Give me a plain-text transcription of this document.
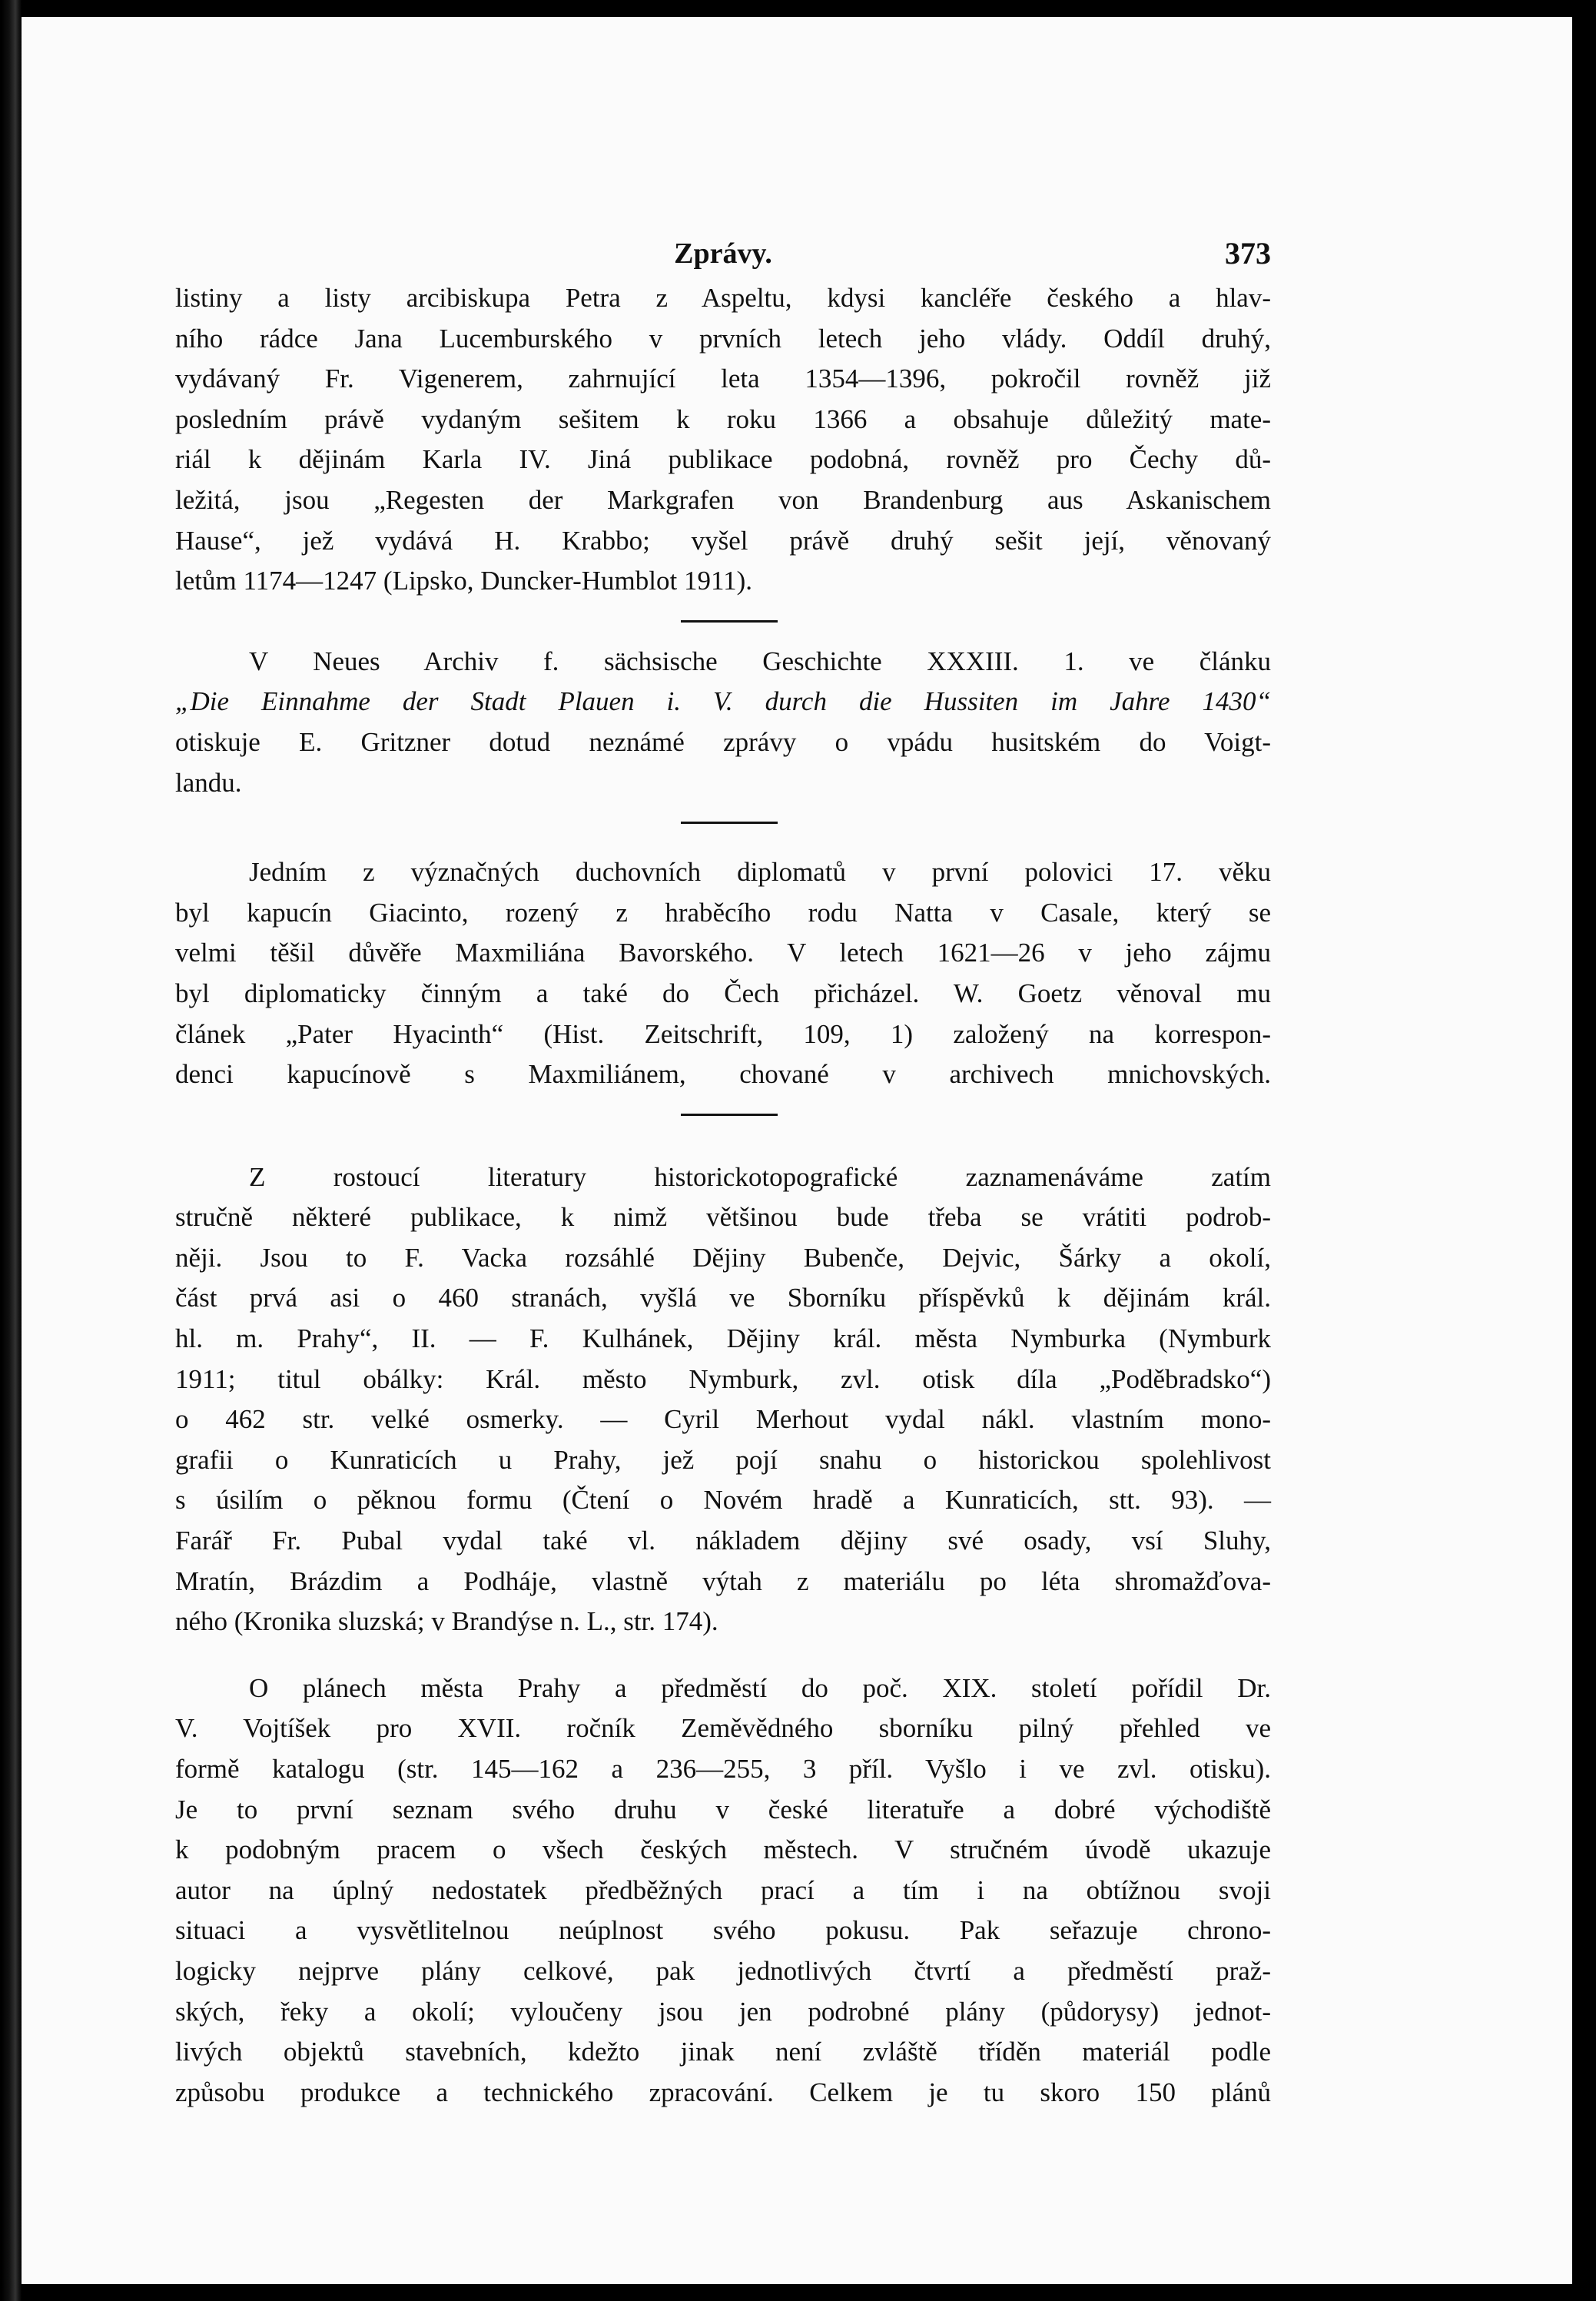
Zprávy.	373
listiny a listy arcibiskupa Petra z Aspeltu, kdysi kancléře českého a hlav-
ního rádce Jana Lucemburského v prvních letech jeho vlády. Oddíl druhý,
vydávaný Fr. Vigenerem, zahrnující leta 1354—1396, pokročil rovněž již
posledním právě vydaným sešitem k roku 1366 a obsahuje důležitý mate-
riál k dějinám Karla IV. Jiná publikace podobná, rovněž pro Čechy dů-
ležitá, jsou „Regesten der Markgrafen von Brandenburg aus Askanischem
Hause“, jež vydává H. Krabbo; vyšel právě druhý sešit její, věnovaný
letům 1174—1247 (Lipsko, Duncker-Humblot 1911).
V Neues Archiv f. sächsische Geschichte XXXIII. 1. ve článku
„Die Einnahme der Stadt Plauen i. V. durch die Hussiten im Jahre 1430“
otiskuje E. Gritzner dotud neznámé zprávy o vpádu husitském do Voigt-
landu.
Jedním z význačných duchovních diplomatů v první polovici 17. věku
byl kapucín Giacinto, rozený z hraběcího rodu Natta v Casale, který se
velmi těšil důvěře Maxmiliána Bavorského. V letech 1621—26 v jeho zájmu
byl diplomaticky činným a také do Čech přicházel. W. Goetz věnoval mu
článek „Pater Hyacinth“ (Hist. Zeitschrift, 109, 1) založený na korrespon-
denci kapucínově s Maxmiliánem, chované v archivech mnichovských.
Z rostoucí literatury historickotopografické zaznamenáváme zatím
stručně některé publikace, k nimž většinou bude třeba se vrátiti podrob-
něji. Jsou to F. Vacka rozsáhlé Dějiny Bubenče, Dejvic, Šárky a okolí,
část prvá asi o 460 stranách, vyšlá ve Sborníku příspěvků k dějinám král.
hl. m. Prahy“, II. — F. Kulhánek, Dějiny král. města Nymburka (Nymburk
1911; titul obálky: Král. město Nymburk, zvl. otisk díla „Poděbradsko“)
o 462 str. velké osmerky. — Cyril Merhout vydal nákl. vlastním mono-
grafii o Kunraticích u Prahy, jež pojí snahu o historickou spolehlivost
s úsilím o pěknou formu (Čtení o Novém hradě a Kunraticích, stt. 93). —
Farář Fr. Pubal vydal také vl. nákladem dějiny své osady, vsí Sluhy,
Mratín, Brázdim a Podháje, vlastně výtah z materiálu po léta shromažďova-
ného (Kronika sluzská; v Brandýse n. L., str. 174).
O plánech města Prahy a předměstí do poč. XIX. století pořídil Dr.
V. Vojtíšek pro XVII. ročník Zeměvědného sborníku pilný přehled ve
formě katalogu (str. 145—162 a 236—255, 3 příl. Vyšlo i ve zvl. otisku).
Je to první seznam svého druhu v české literatuře a dobré východiště
k podobným pracem o všech českých městech. V stručném úvodě ukazuje
autor na úplný nedostatek předběžných prací a tím i na obtížnou svoji
situaci a vysvětlitelnou neúplnost svého pokusu. Pak seřazuje chrono-
logicky nejprve plány celkové, pak jednotlivých čtvrtí a předměstí praž-
ských, řeky a okolí; vyloučeny jsou jen podrobné plány (půdorysy) jednot-
livých objektů stavebních, kdežto jinak není zvláště tříděn materiál podle
způsobu produkce a technického zpracování. Celkem je tu skoro 150 plánů
